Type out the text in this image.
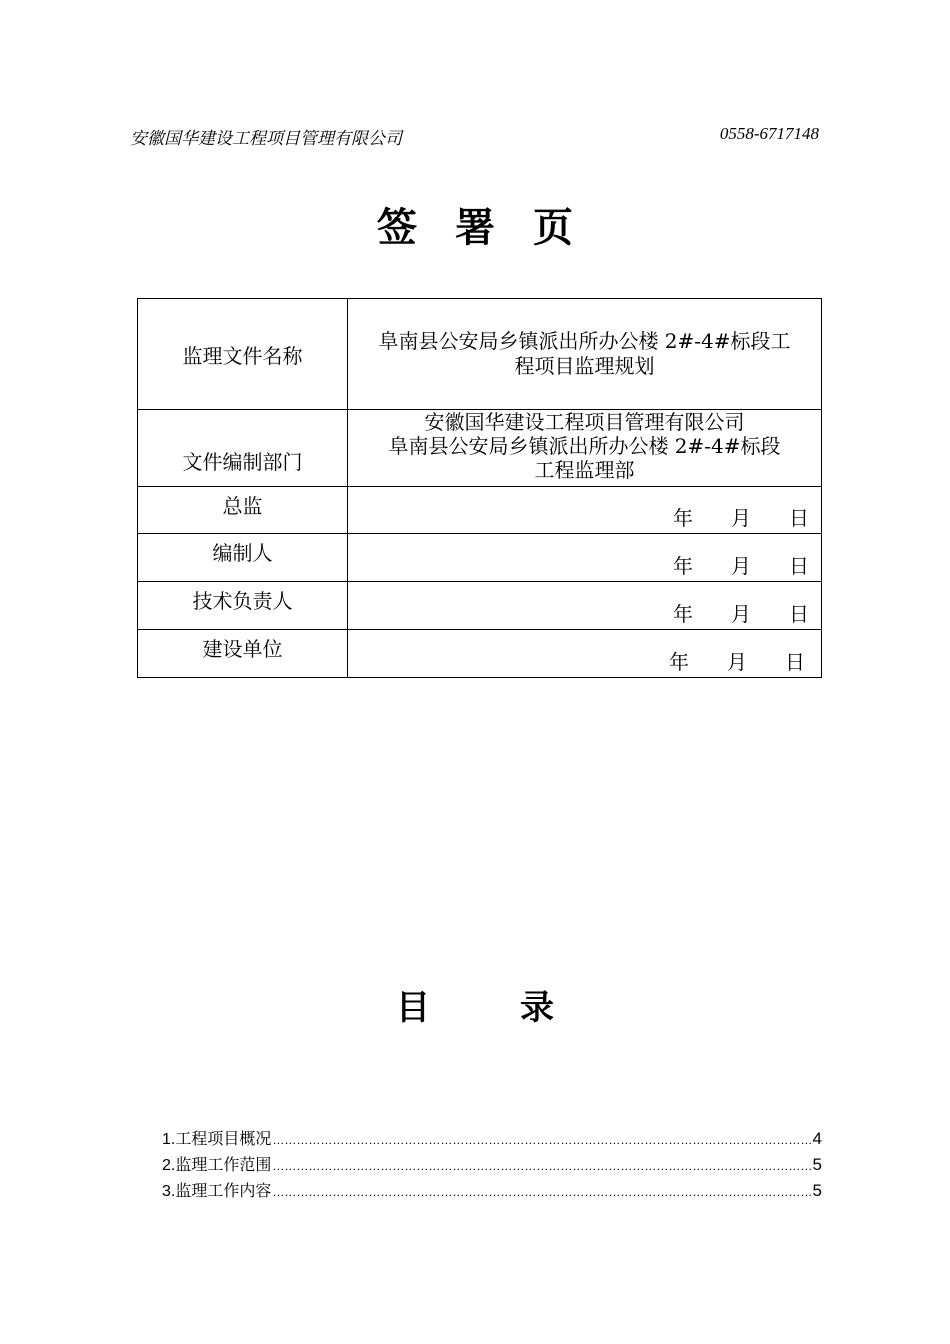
安徽国华建设工程项目管理有限公司	0558-6717148
签署页
监理文件名称	阜南县公安局乡镇派出所办公楼 2#-4#标段工
程项目监理规划

文件编制部门	安徽国华建设工程项目管理有限公司
阜南县公安局乡镇派出所办公楼 2#-4#标段
工程监理部

总监	年 月 日

编制人	年 月 日

技术负责人	年 月 日

建设单位	年 月 日
目	录
1. 工程项目概况 …………………………………………………………………………………………………………………………………………………………………………	4
2. 监理工作范围 …………………………………………………………………………………………………………………………………………………………………………	5
3. 监理工作内容 …………………………………………………………………………………………………………………………………………………………………………	5
